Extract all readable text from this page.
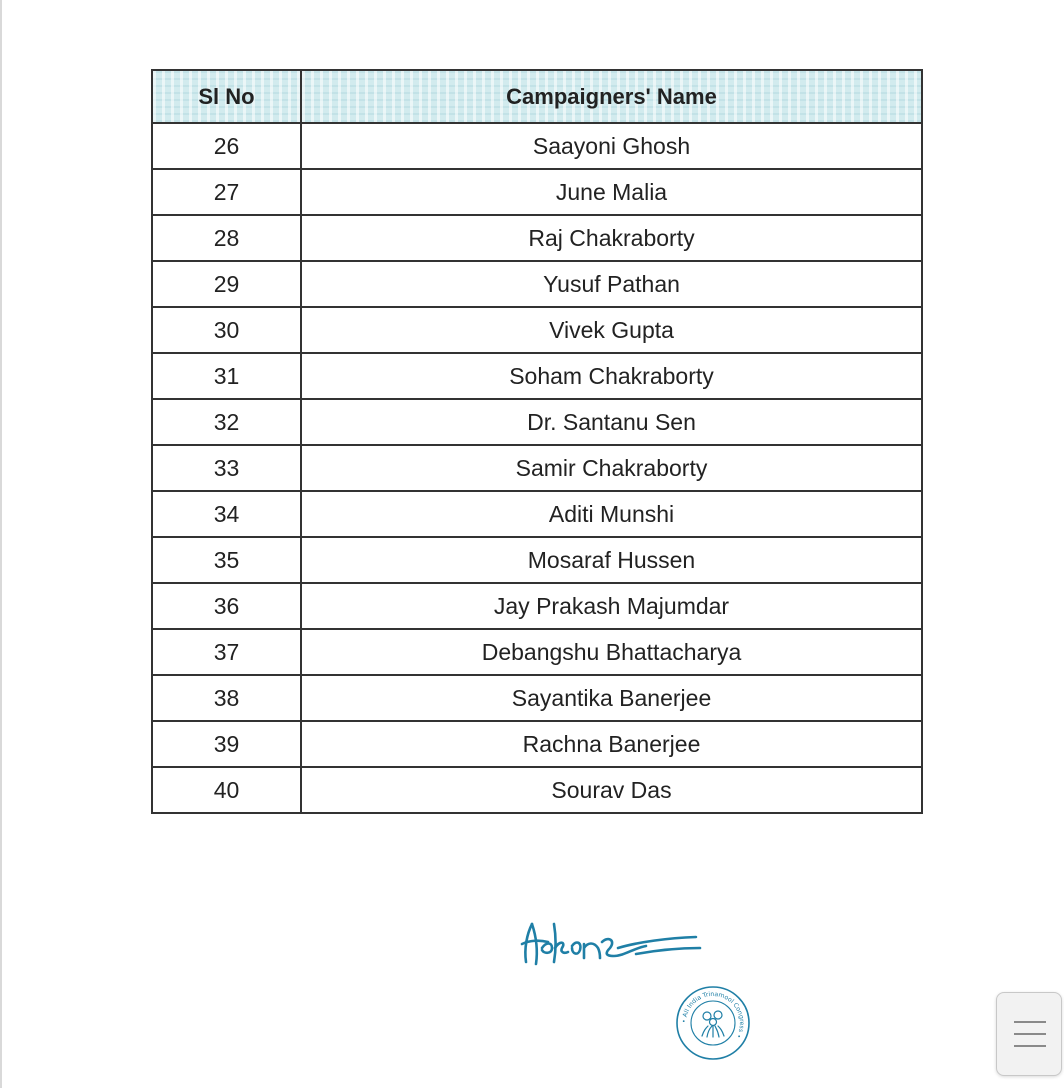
Sl No	Campaigners' Name
26	Saayoni Ghosh
27	June Malia
28	Raj Chakraborty
29	Yusuf Pathan
30	Vivek Gupta
31	Soham Chakraborty
32	Dr. Santanu Sen
33	Samir Chakraborty
34	Aditi Munshi
35	Mosaraf Hussen
36	Jay Prakash Majumdar
37	Debangshu Bhattacharya
38	Sayantika Banerjee
39	Rachna Banerjee
40	Sourav Das
• All India Trinamool Congress •
